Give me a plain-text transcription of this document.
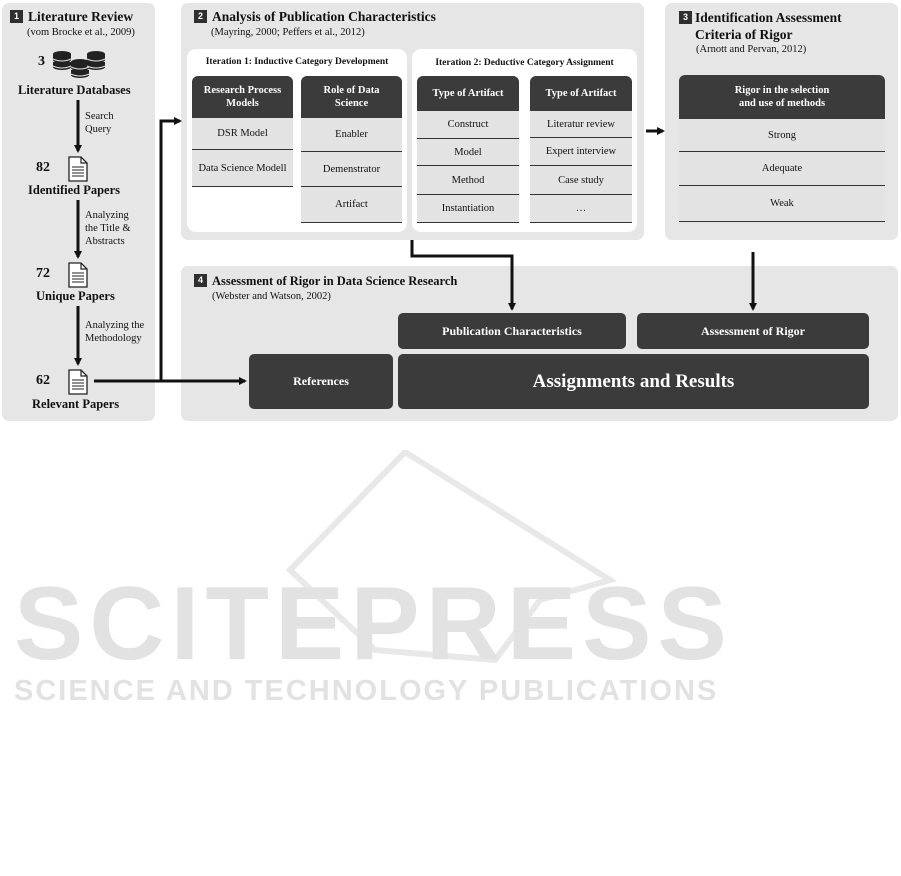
SCITEPRESS
SCIENCE AND TECHNOLOGY PUBLICATIONS
1 Literature Review
(vom Brocke et al., 2009)
3
Literature Databases
Search
Query
82
Identified Papers
Analyzing
the Title &
Abstracts
72
Unique Papers
Analyzing the
Methodology
62
Relevant Papers
2 Analysis of Publication Characteristics
(Mayring, 2000; Peffers et al., 2012)
Iteration 1: Inductive Category Development
Research Process
Models
DSR Model
Data Science Modell
Role of Data
Science
Enabler
Demenstrator
Artifact
Iteration 2: Deductive Category Assignment
Type of Artifact
Construct
Model
Method
Instantiation
Type of Artifact
Literatur review
Expert interview
Case study
…
3 Identification Assessment
Criteria of Rigor
(Arnott and Pervan, 2012)
Rigor in the selection
and use of methods
Strong
Adequate
Weak
4 Assessment of Rigor in Data Science Research
(Webster and Watson, 2002)
Publication Characteristics	Assessment of Rigor
References	Assignments and Results
